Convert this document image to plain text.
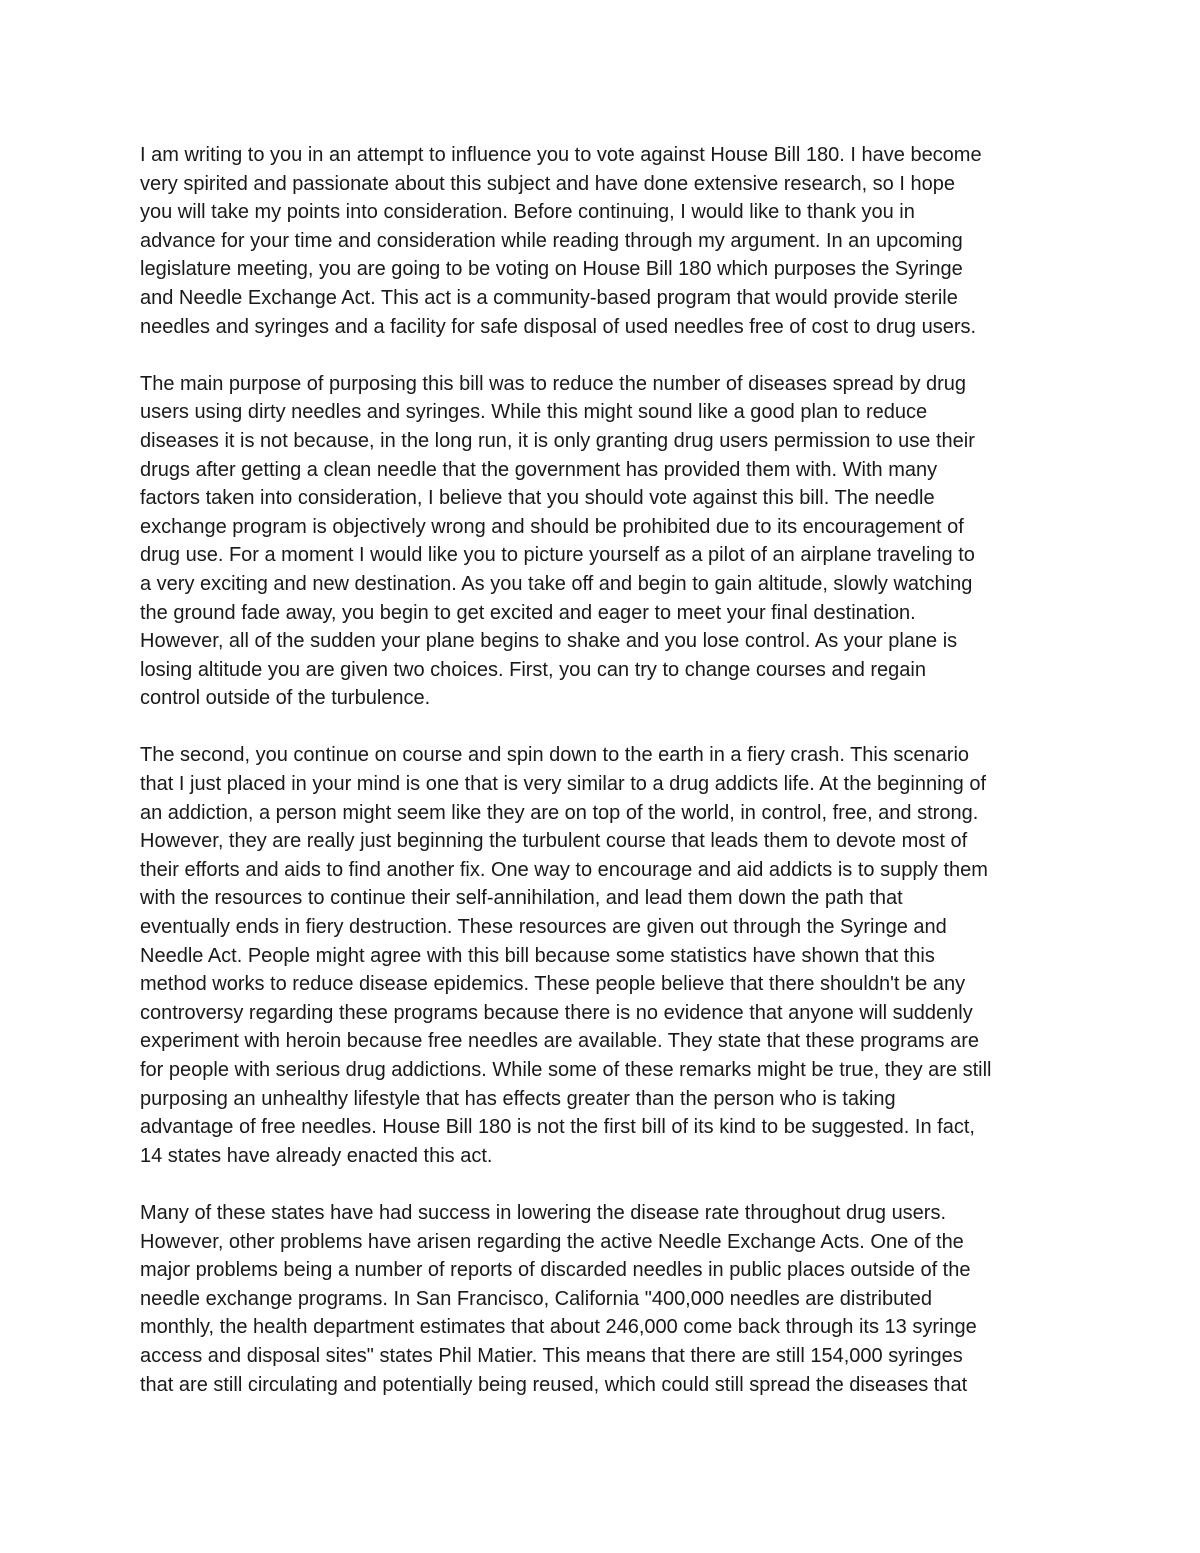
I am writing to you in an attempt to influence you to vote against House Bill 180. I have become
very spirited and passionate about this subject and have done extensive research, so I hope
you will take my points into consideration. Before continuing, I would like to thank you in
advance for your time and consideration while reading through my argument. In an upcoming
legislature meeting, you are going to be voting on House Bill 180 which purposes the Syringe
and Needle Exchange Act. This act is a community-based program that would provide sterile
needles and syringes and a facility for safe disposal of used needles free of cost to drug users.

The main purpose of purposing this bill was to reduce the number of diseases spread by drug
users using dirty needles and syringes. While this might sound like a good plan to reduce
diseases it is not because, in the long run, it is only granting drug users permission to use their
drugs after getting a clean needle that the government has provided them with. With many
factors taken into consideration, I believe that you should vote against this bill. The needle
exchange program is objectively wrong and should be prohibited due to its encouragement of
drug use. For a moment I would like you to picture yourself as a pilot of an airplane traveling to
a very exciting and new destination. As you take off and begin to gain altitude, slowly watching
the ground fade away, you begin to get excited and eager to meet your final destination.
However, all of the sudden your plane begins to shake and you lose control. As your plane is
losing altitude you are given two choices. First, you can try to change courses and regain
control outside of the turbulence.

The second, you continue on course and spin down to the earth in a fiery crash. This scenario
that I just placed in your mind is one that is very similar to a drug addicts life. At the beginning of
an addiction, a person might seem like they are on top of the world, in control, free, and strong.
However, they are really just beginning the turbulent course that leads them to devote most of
their efforts and aids to find another fix. One way to encourage and aid addicts is to supply them
with the resources to continue their self-annihilation, and lead them down the path that
eventually ends in fiery destruction. These resources are given out through the Syringe and
Needle Act. People might agree with this bill because some statistics have shown that this
method works to reduce disease epidemics. These people believe that there shouldn't be any
controversy regarding these programs because there is no evidence that anyone will suddenly
experiment with heroin because free needles are available. They state that these programs are
for people with serious drug addictions. While some of these remarks might be true, they are still
purposing an unhealthy lifestyle that has effects greater than the person who is taking
advantage of free needles. House Bill 180 is not the first bill of its kind to be suggested. In fact,
14 states have already enacted this act.

Many of these states have had success in lowering the disease rate throughout drug users.
However, other problems have arisen regarding the active Needle Exchange Acts. One of the
major problems being a number of reports of discarded needles in public places outside of the
needle exchange programs. In San Francisco, California "400,000 needles are distributed
monthly, the health department estimates that about 246,000 come back through its 13 syringe
access and disposal sites" states Phil Matier. This means that there are still 154,000 syringes
that are still circulating and potentially being reused, which could still spread the diseases that
